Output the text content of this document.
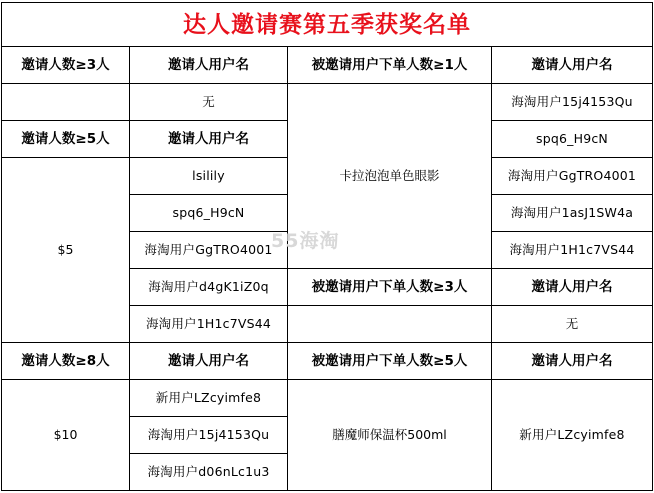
达人邀请赛第五季获奖名单			
邀请人数≥3人	邀请人用户名	被邀请用户下单人数≥1人	邀请人用户名
	无	卡拉泡泡单色眼影	海淘用户15j4153Qu
邀请人数≥5人	邀请人用户名		spq6_H9cN
$5	lsilily		海淘用户GgTRO4001
	spq6_H9cN		海淘用户1asJ1SW4a
	海淘用户GgTRO4001		海淘用户1H1c7VS44
	海淘用户d4gK1iZ0q	被邀请用户下单人数≥3人	邀请人用户名
	海淘用户1H1c7VS44		无
邀请人数≥8人	邀请人用户名	被邀请用户下单人数≥5人	邀请人用户名
$10	新用户LZcyimfe8	膳魔师保温杯500ml	新用户LZcyimfe8
	海淘用户15j4153Qu		
	海淘用户d06nLc1u3		
55海淘
